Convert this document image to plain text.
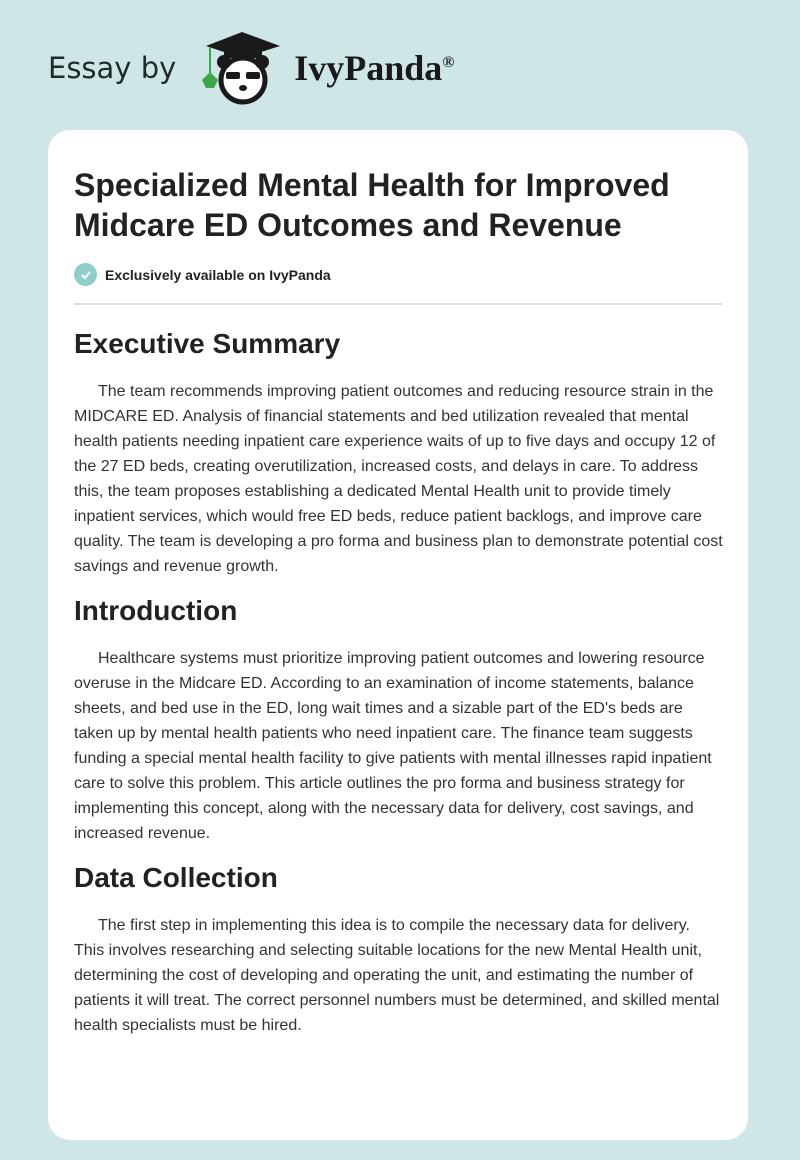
Essay by	IvyPanda®
Specialized Mental Health for Improved Midcare ED Outcomes and Revenue
Exclusively available on IvyPanda
Executive Summary

The team recommends improving patient outcomes and reducing resource strain in the MIDCARE ED. Analysis of financial statements and bed utilization revealed that mental health patients needing inpatient care experience waits of up to five days and occupy 12 of the 27 ED beds, creating overutilization, increased costs, and delays in care. To address this, the team proposes establishing a dedicated Mental Health unit to provide timely inpatient services, which would free ED beds, reduce patient backlogs, and improve care quality. The team is developing a pro forma and business plan to demonstrate potential cost savings and revenue growth.

Introduction

Healthcare systems must prioritize improving patient outcomes and lowering resource overuse in the Midcare ED. According to an examination of income statements, balance sheets, and bed use in the ED, long wait times and a sizable part of the ED's beds are taken up by mental health patients who need inpatient care. The finance team suggests funding a special mental health facility to give patients with mental illnesses rapid inpatient care to solve this problem. This article outlines the pro forma and business strategy for implementing this concept, along with the necessary data for delivery, cost savings, and increased revenue.

Data Collection

The first step in implementing this idea is to compile the necessary data for delivery. This involves researching and selecting suitable locations for the new Mental Health unit, determining the cost of developing and operating the unit, and estimating the number of patients it will treat. The correct personnel numbers must be determined, and skilled mental health specialists must be hired.
